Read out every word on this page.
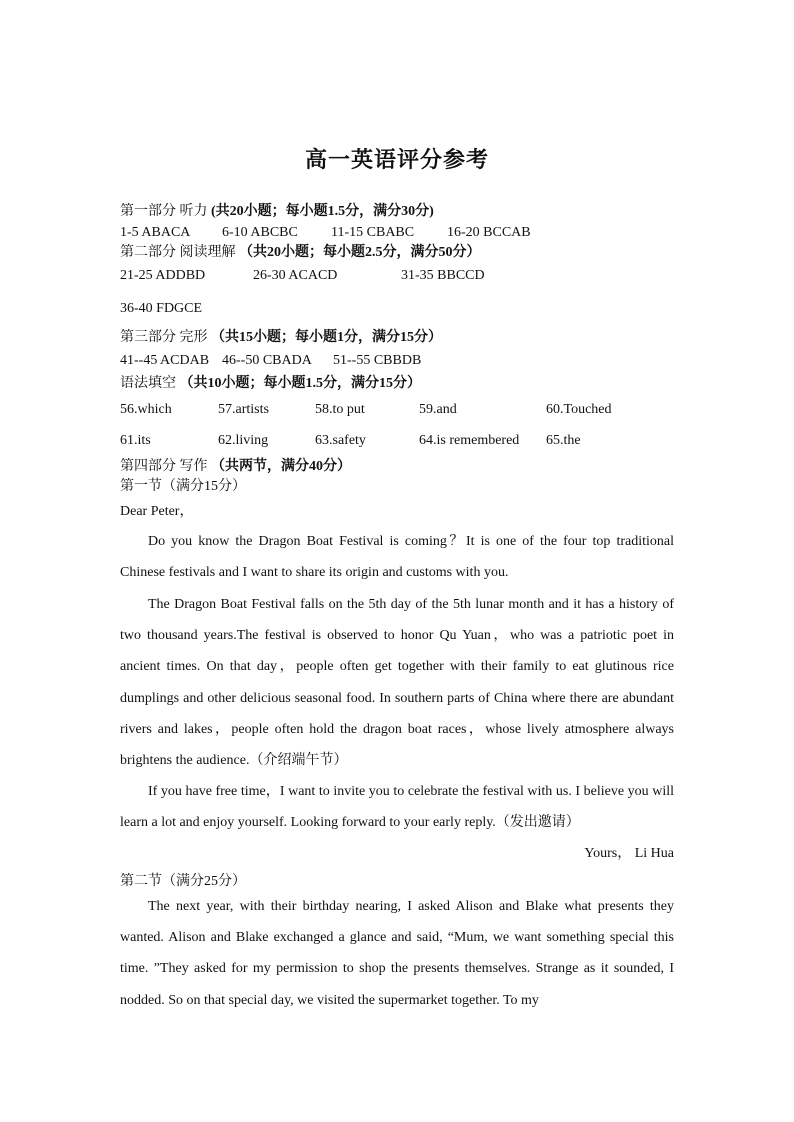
高一英语评分参考
第一部分 听力 (共20小题；每小题1.5分，满分30分)
1-5 ABACA 6-10 ABCBC 11-15 CBABC 16-20 BCCAB
第二部分 阅读理解 （共20小题；每小题2.5分，满分50分）
21-25 ADDBD	26-30 ACACD	31-35 BBCCD
36-40 FDGCE
第三部分 完形 （共15小题；每小题1分，满分15分）
41--45 ACDAB 46--50 CBADA 51--55 CBBDB
语法填空 （共10小题；每小题1.5分，满分15分）
56.which	57.artists	58.to put	59.and	60.Touched
61.its	62.living	63.safety	64.is remembered 65.the
第四部分 写作 （共两节，满分40分）
第一节（满分15分）
Dear Peter，

Do you know the Dragon Boat Festival is coming？It is one of the four top traditional Chinese festivals and I want to share its origin and customs with you.

The Dragon Boat Festival falls on the 5th day of the 5th lunar month and it has a history of two thousand years.The festival is observed to honor Qu Yuan，who was a patriotic poet in ancient times. On that day，people often get together with their family to eat glutinous rice dumplings and other delicious seasonal food. In southern parts of China where there are abundant rivers and lakes，people often hold the dragon boat races，whose lively atmosphere always brightens the audience.（介绍端午节）

If you have free time，I want to invite you to celebrate the festival with us. I believe you will learn a lot and enjoy yourself. Looking forward to your early reply.（发出邀请）

Yours， Li Hua
第二节（满分25分）

The next year, with their birthday nearing, I asked Alison and Blake what presents they wanted. Alison and Blake exchanged a glance and said, “Mum, we want something special this time. ”They asked for my permission to shop the presents themselves. Strange as it sounded, I nodded. So on that special day, we visited the supermarket together. To my
